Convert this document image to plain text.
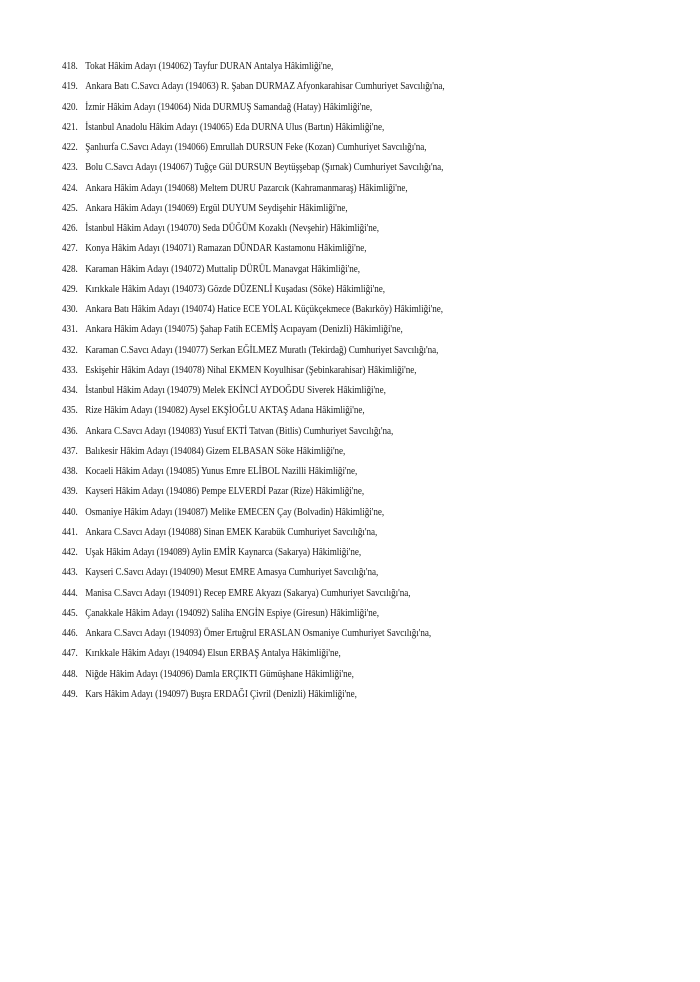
418. Tokat Hâkim Adayı (194062) Tayfur DURAN Antalya Hâkimliği'ne,
419. Ankara Batı C.Savcı Adayı (194063) R. Şaban DURMAZ Afyonkarahisar Cumhuriyet Savcılığı'na,
420. İzmir Hâkim Adayı (194064) Nida DURMUŞ Samandağ (Hatay) Hâkimliği'ne,
421. İstanbul Anadolu Hâkim Adayı (194065) Eda DURNA Ulus (Bartın) Hâkimliği'ne,
422. Şanlıurfa C.Savcı Adayı (194066) Emrullah DURSUN Feke (Kozan) Cumhuriyet Savcılığı'na,
423. Bolu C.Savcı Adayı (194067) Tuğçe Gül DURSUN Beytüşşebap (Şırnak) Cumhuriyet Savcılığı'na,
424. Ankara Hâkim Adayı (194068) Meltem DURU Pazarcık (Kahramanmaraş) Hâkimliği'ne,
425. Ankara Hâkim Adayı (194069) Ergül DUYUM Seydişehir Hâkimliği'ne,
426. İstanbul Hâkim Adayı (194070) Seda DÜĞÜM Kozaklı (Nevşehir) Hâkimliği'ne,
427. Konya Hâkim Adayı (194071) Ramazan DÜNDAR Kastamonu Hâkimliği'ne,
428. Karaman Hâkim Adayı (194072) Muttalip DÜRÜL Manavgat Hâkimliği'ne,
429. Kırıkkale Hâkim Adayı (194073) Gözde DÜZENLİ Kuşadası (Söke) Hâkimliği'ne,
430. Ankara Batı Hâkim Adayı (194074) Hatice ECE YOLAL Küçükçekmece (Bakırköy) Hâkimliği'ne,
431. Ankara Hâkim Adayı (194075) Şahap Fatih ECEMİŞ Acıpayam (Denizli) Hâkimliği'ne,
432. Karaman C.Savcı Adayı (194077) Serkan EĞİLMEZ Muratlı (Tekirdağ) Cumhuriyet Savcılığı'na,
433. Eskişehir Hâkim Adayı (194078) Nihal EKMEN Koyulhisar (Şebinkarahisar) Hâkimliği'ne,
434. İstanbul Hâkim Adayı (194079) Melek EKİNCİ AYDOĞDU Siverek Hâkimliği'ne,
435. Rize Hâkim Adayı (194082) Aysel EKŞİOĞLU AKTAŞ Adana Hâkimliği'ne,
436. Ankara C.Savcı Adayı (194083) Yusuf EKTİ Tatvan (Bitlis) Cumhuriyet Savcılığı'na,
437. Balıkesir Hâkim Adayı (194084) Gizem ELBASAN Söke Hâkimliği'ne,
438. Kocaeli Hâkim Adayı (194085) Yunus Emre ELİBOL Nazilli Hâkimliği'ne,
439. Kayseri Hâkim Adayı (194086) Pempe ELVERDİ Pazar (Rize) Hâkimliği'ne,
440. Osmaniye Hâkim Adayı (194087) Melike EMECEN Çay (Bolvadin) Hâkimliği'ne,
441. Ankara C.Savcı Adayı (194088) Sinan EMEK Karabük Cumhuriyet Savcılığı'na,
442. Uşak Hâkim Adayı (194089) Aylin EMİR Kaynarca (Sakarya) Hâkimliği'ne,
443. Kayseri C.Savcı Adayı (194090) Mesut EMRE Amasya Cumhuriyet Savcılığı'na,
444. Manisa C.Savcı Adayı (194091) Recep EMRE Akyazı (Sakarya) Cumhuriyet Savcılığı'na,
445. Çanakkale Hâkim Adayı (194092) Saliha ENGİN Espiye (Giresun) Hâkimliği'ne,
446. Ankara C.Savcı Adayı (194093) Ömer Ertuğrul ERASLAN Osmaniye Cumhuriyet Savcılığı'na,
447. Kırıkkale Hâkim Adayı (194094) Elsun ERBAŞ Antalya Hâkimliği'ne,
448. Niğde Hâkim Adayı (194096) Damla ERÇIKTI Gümüşhane Hâkimliği'ne,
449. Kars Hâkim Adayı (194097) Buşra ERDAĞI Çivril (Denizli) Hâkimliği'ne,
